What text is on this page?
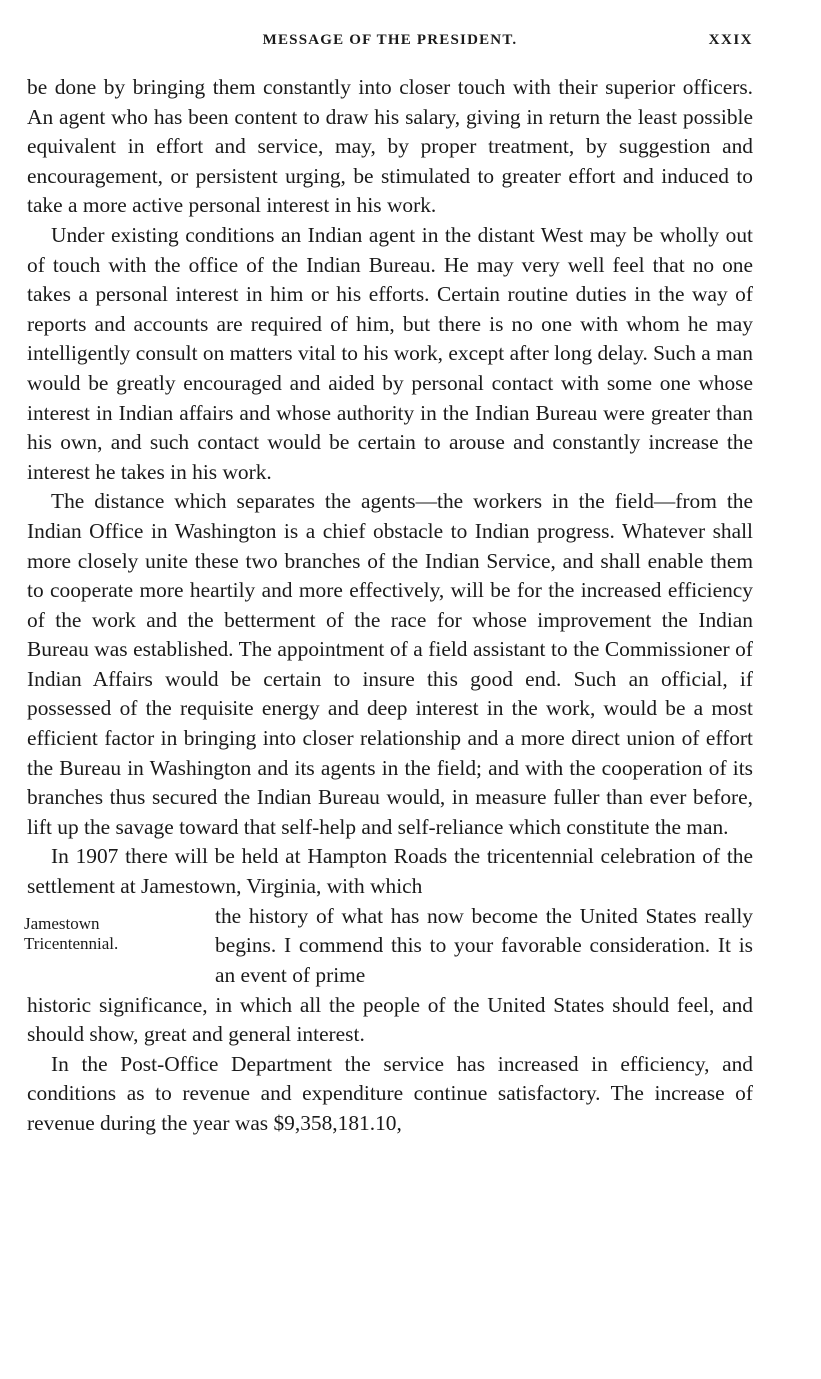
MESSAGE OF THE PRESIDENT.	XXIX

be done by bringing them constantly into closer touch with their superior officers. An agent who has been content to draw his salary, giving in return the least possible equivalent in effort and service, may, by proper treatment, by suggestion and encouragement, or persistent urging, be stimulated to greater effort and induced to take a more active personal interest in his work.

Under existing conditions an Indian agent in the distant West may be wholly out of touch with the office of the Indian Bureau. He may very well feel that no one takes a personal interest in him or his efforts. Certain routine duties in the way of reports and accounts are required of him, but there is no one with whom he may intelligently consult on matters vital to his work, except after long delay. Such a man would be greatly encouraged and aided by personal contact with some one whose interest in Indian affairs and whose authority in the Indian Bureau were greater than his own, and such contact would be certain to arouse and constantly increase the interest he takes in his work.

The distance which separates the agents—the workers in the field—from the Indian Office in Washington is a chief obstacle to Indian progress. Whatever shall more closely unite these two branches of the Indian Service, and shall enable them to cooperate more heartily and more effectively, will be for the increased efficiency of the work and the betterment of the race for whose improvement the Indian Bureau was established. The appointment of a field assistant to the Commissioner of Indian Affairs would be certain to insure this good end. Such an official, if possessed of the requisite energy and deep interest in the work, would be a most efficient factor in bringing into closer relationship and a more direct union of effort the Bureau in Washington and its agents in the field; and with the cooperation of its branches thus secured the Indian Bureau would, in measure fuller than ever before, lift up the savage toward that self-help and self-reliance which constitute the man.

In 1907 there will be held at Hampton Roads the tricentennial celebration of the settlement at Jamestown, Virginia, with which

Jamestown Tricentennial.
the history of what has now become the United States really begins. I commend this to your favorable consideration. It is an event of prime

historic significance, in which all the people of the United States should feel, and should show, great and general interest.

In the Post-Office Department the service has increased in efficiency, and conditions as to revenue and expenditure continue satisfactory. The increase of revenue during the year was $9,358,181.10,
